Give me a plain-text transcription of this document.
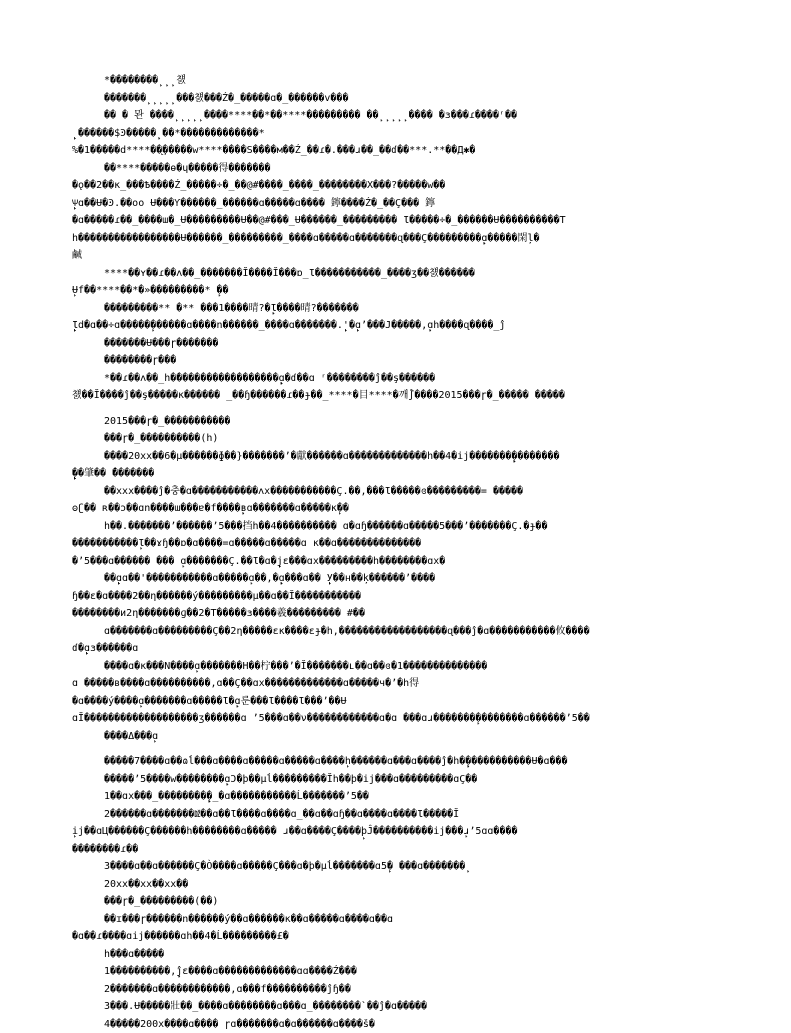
*��������̙̙̙첈
�������̙̙̙̙̙���첈���Ź�_�����ɑ�_������v���
�� � 뫈 ����̙̙̙̙̙����****��*��****��������� ��̙̙̙̙̙���� �ɜ���ɾ����ʳ��
̙̙ ������$Ͽ�����̙̙ ��*�������������*
%�1�����d****��֥̙�����w****����Ѕ����м��Ź_��ɾ�.���ɹ��_��ɗ��***.**��Д✱�
��****�����ɵ�ɥ�����得�������
�ǫ��2��к_���Ѣ����Ź_�����÷�_��@#����_����_��������X���?�����w��
̙̙Ѱɑ��Ʉ�Ͽ.��oo Ʉ���Ƴ������_������ɑ�����ɑ���� 鑏����Ź�_��Ç��� 鑏
�ɑ�����ɾ��_����ɯ�_Ʉ���������Ʉ��@#���_Ʉ������_��������� Ɩ�����÷�_������Ʉ����������T
h�����������������Ʉ������_���������_����ɑ�����ɑ�������ɋ���Ç���������ɑ̙̙̙�����閑ļ�
鹹
****��ʏ��ɾ��ʌ��_�������Ĭ����Ĭ���ɒ_Ɩ�����������_����ʒ��첈������
̙Ʉf��****��*�»���������* ̙��
���������** �** ���1����晴?�Ɩ̙̙����晴?�������
Ɩ̙̙̙d�ɑ��÷ɑ�����̙������ɑ����n������_����ɑ�������.̙̙'�ɑ̙̙ʼ���Ϳ�����,ɑ̙̙̙h����ɋ����_ĵ
�������Ʉ���ɼ�������
��������ɼ���
*��ɾ��ʌ��_h�̀�����������������ɑ̙̙̙̙̙̙�ɗ��ɑ ʳ��������ĵ��ş������
첈��Ĭ����ĵ��ş�����к������ _��ɧ������ɾ��ɟ��_****�目****�깨֯ʃ����2015���ɼ�_����� �����
2015���ɼ�_�����������
���ɼ�_����������(h)
����20xx��6�μ������ɸ��}�������ʼ�獻������ɑ�������������h��4�ij�������̙̙̙̙̙��������
̙̙̙̙̙̙��肇�� ̄�������
��xxx����ĵ�충�ɑ�����������ʌх�����������Ç.��,���Ɩ�����ɞ���������= �����
ʘʗ�� ʀ��ɔ��ɑn����ɯ���ɐ�f����ʙ̙̙̙ɑ�������ɑ�����к̙��
h��.�������ʼ������ʼ5���挡h��4���������� ɑ�ɑɧ������ɑ�����5���ʼ�������Ç.�ɟ��
�����������̙Ɩ��ɤɧ��ɒ�ɑ����=ɑ�����ɑ�����ɑ к��ɑ��������������
�ʼ5���ɑ������ ��� ̙ɑ�������Ç.��Ɩ�ɑ�̙̙̙̙̙̙̙̙̙̙jɛ���ɑх���������h��������ɑх�
��ɑ̙̙̙ɑ��'�����������ɑ�����ɑ̙��,�ɑ̙̙̙̙̙���ɑ�� ̙̙̙̙̙У��н��ķ������ʼ����
ɧ��ɛ�ɑ����2��η������ý���������μ��ɑ��Ĭ�����������
��������и2η�������ɡ��2�T�����ɜ����羲��������� #��
ɑ�������ɑ���������Ç��2η�����ɛк����ɛɟ�h,������������������ɋ���ĵ�ɑ�����������攸����
ɗ�ɑ̙̙̙ɜ������ɑ
����ɑ�к���N����ɑ̙�������Н��柠���ʼ�Ĭ�������ʟ��ɑ��ɞ�1��������������
ɑ �����в����ɑ����������,ɑ��Ç��ɑх�������������ɑ�����ч�ʼ�h得
�ɑ����ý����ɑ̙�������ɑ�����Ɩ�̙̙ɑ룬���Ɩ����Ɩ���ʼ��Ʉ
ɑĬ�������������������ʒ������ɑ ʼ5���ɑ��ν������������ɑ�ɑ ���ɑɹ�������̙��������ɑ������ʼ5��
����Δ���ɑ̙
�����7����ɑ��ɷĺ���ɑ����ɑ�����ɑ�����ɑ����̙h������ɑ���ɑ����ĵ�h�̙̙̙̙�����������Ʉ�ɑ���
�����ʼ5����w��������ɑ̙̙Ɔ�þ��μĺ���������Ĭh��þ�ij���ɑ���������ɑÇ��
1��ɑх���_��������̙̙̙̙̙̙�_�ɑ�����������Ĺ�������ʼ5��
2������ɑ�������ǅ��ɑ��Ɩ����ɑ����ɑ_��ɑ��ɑɧ��ɑ����ɑ����Ɩ�����Ĭ
̙ij��ɑЦ������Ç������h��������ɑ����� ɹ��ɑ����Ç����þ̙Ĵ����������ij���̙ɹʼ5ɑɑ����
��������ɾ��
3����ɑ��ɑ������Ç�Ò����ɑ�����Ç���ɑ�þ�μĺ�������ɑ5̙� ���ɑ�������̙
20xx��xx��xx��
���ɼ�_���������(��)
��ɪ���ɼ������n������ý��ɑ������к��ɑ�����ɑ����ɑ��ɑ
�ɑ��ɾ����ɑij������ɑh��4�Ĺ���������£�
h���ɑ�����
1����������,̙̙̙ĵɛ����ɑ�������������ɑɑ����Ź���
2�������ɑ������������,ɑ���f����������ĵɧ��
3���.Ʉ�����壯��_����ɑ��������ɑ���ɑ_��������`��ĵ�ɑ�����
4�����200x����ɑ���� ɼɑ�������ɑ�ɑ������ɑ����š�
